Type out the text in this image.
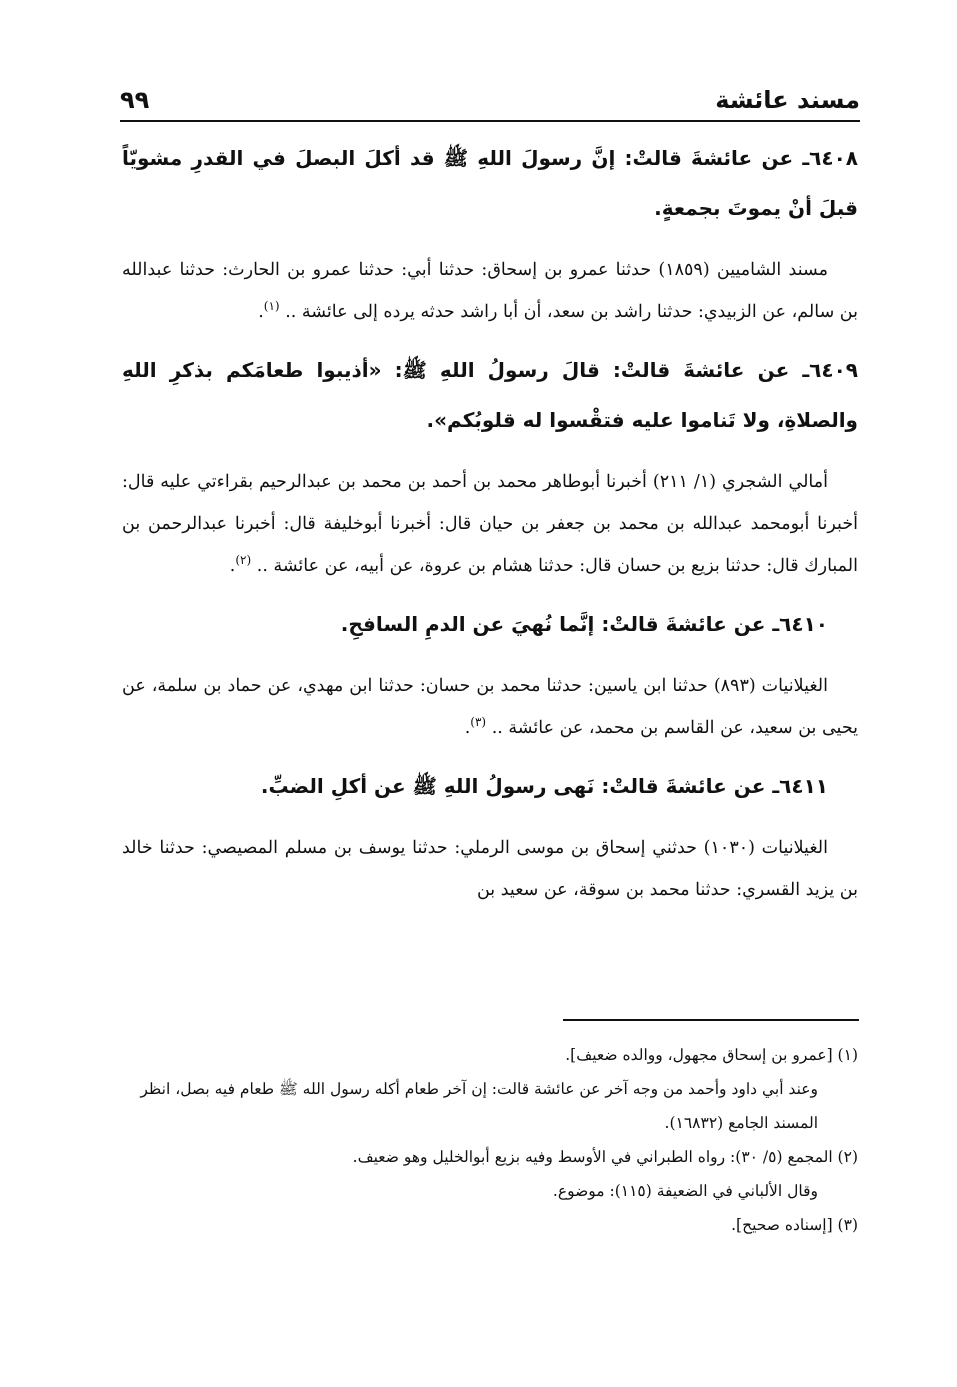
٩٩	مسند عائشة

٦٤٠٨ـ عن عائشةَ قالتْ: إنَّ رسولَ اللهِ ﷺ قد أكلَ البصلَ في القدرِ مشويّاً قبلَ أنْ يموتَ بجمعةٍ.

مسند الشاميين (١٨٥٩) حدثنا عمرو بن إسحاق: حدثنا أبي: حدثنا عمرو بن الحارث: حدثنا عبدالله بن سالم، عن الزبيدي: حدثنا راشد بن سعد، أن أبا راشد حدثه يرده إلى عائشة .. $^{(١)}$.

٦٤٠٩ـ عن عائشةَ قالتْ: قالَ رسولُ اللهِ ﷺ: «أذيبوا طعامَكم بذكرِ اللهِ والصلاةِ، ولا تَناموا عليه فتقْسوا له قلوبُكم».

أمالي الشجري (١/ ٢١١) أخبرنا أبوطاهر محمد بن أحمد بن محمد بن عبدالرحيم بقراءتي عليه قال: أخبرنا أبومحمد عبدالله بن محمد بن جعفر بن حيان قال: أخبرنا أبوخليفة قال: أخبرنا عبدالرحمن بن المبارك قال: حدثنا بزيع بن حسان قال: حدثنا هشام بن عروة، عن أبيه، عن عائشة .. $^{(٢)}$.

٦٤١٠ـ عن عائشةَ قالتْ: إنَّما نُهيَ عن الدمِ السافحِ.

الغيلانيات (٨٩٣) حدثنا ابن ياسين: حدثنا محمد بن حسان: حدثنا ابن مهدي، عن حماد بن سلمة، عن يحيى بن سعيد، عن القاسم بن محمد، عن عائشة .. $^{(٣)}$.

٦٤١١ـ عن عائشةَ قالتْ: نَهى رسولُ اللهِ ﷺ عن أكلِ الضبِّ.

الغيلانيات (١٠٣٠) حدثني إسحاق بن موسى الرملي: حدثنا يوسف بن مسلم المصيصي: حدثنا خالد بن يزيد القسري: حدثنا محمد بن سوقة، عن سعيد بن

(١) [عمرو بن إسحاق مجهول، ووالده ضعيف].

وعند أبي داود وأحمد من وجه آخر عن عائشة قالت: إن آخر طعام أكله رسول الله ﷺ طعام فيه بصل، انظر المسند الجامع (١٦٨٣٢).

(٢) المجمع (٥/ ٣٠): رواه الطبراني في الأوسط وفيه بزيع أبوالخليل وهو ضعيف.

وقال الألباني في الضعيفة (١١٥): موضوع.

(٣) [إسناده صحيح].
